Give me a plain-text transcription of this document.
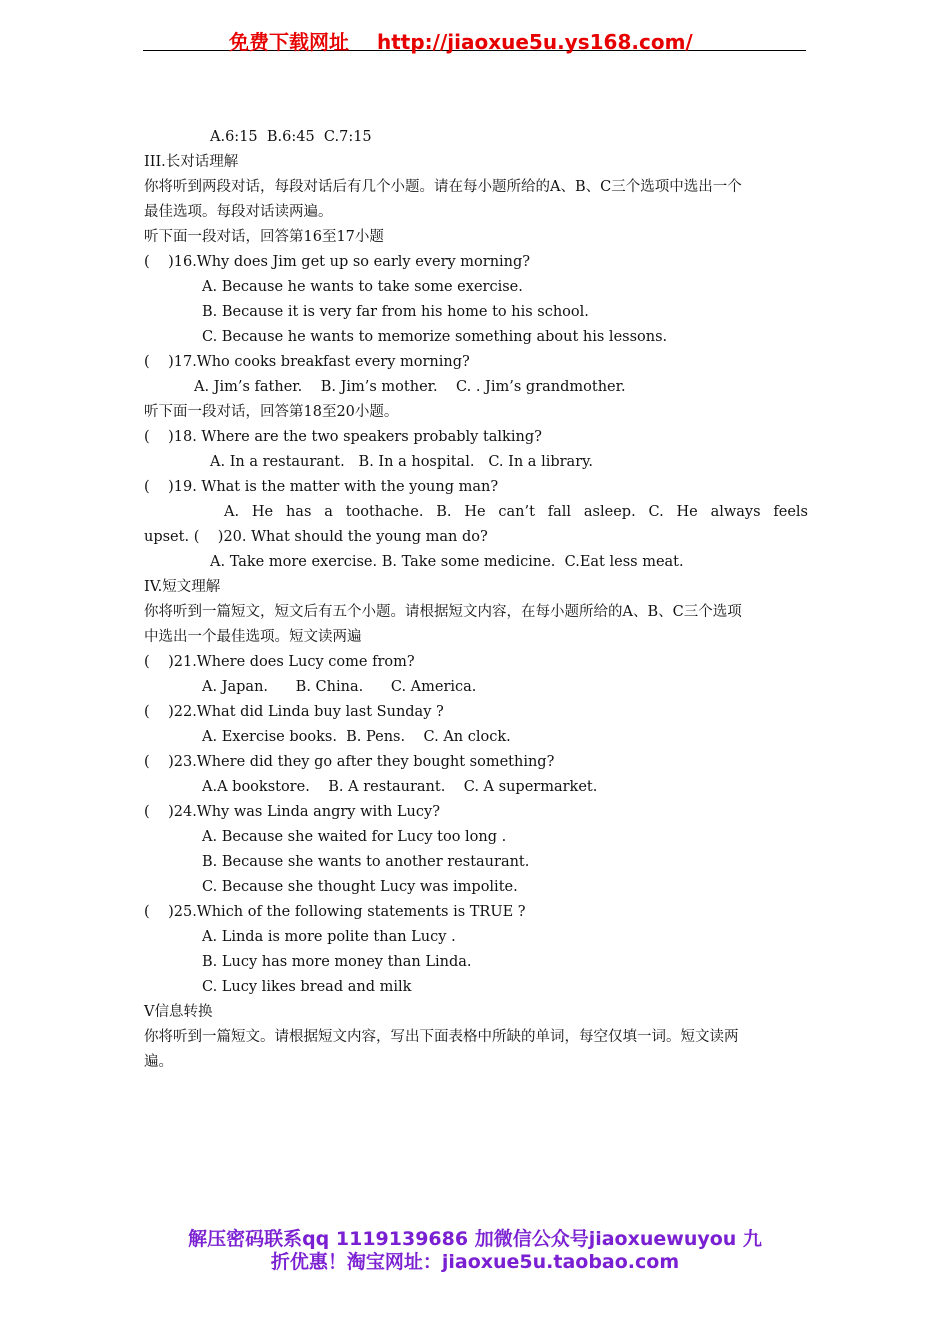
免费下载网址 http://jiaoxue5u.ys168.com/
A.6:15  B.6:45  C.7:15
III.长对话理解
你将听到两段对话，每段对话后有几个小题。请在每小题所给的A、B、C三个选项中选出一个
最佳选项。每段对话读两遍。
听下面一段对话，回答第16至17小题
(    )16.Why does Jim get up so early every morning?
A. Because he wants to take some exercise.
B. Because it is very far from his home to his school.
C. Because he wants to memorize something about his lessons.
(    )17.Who cooks breakfast every morning?
A. Jim’s father.    B. Jim’s mother.    C. . Jim’s grandmother.
听下面一段对话，回答第18至20小题。
(    )18. Where are the two speakers probably talking?
A. In a restaurant.   B. In a hospital.   C. In a library.
(    )19. What is the matter with the young man?
A. He has a toothache. B. He can’t fall asleep. C. He always feels
upset. (    )20. What should the young man do?
A. Take more exercise. B. Take some medicine.  C.Eat less meat.
IV.短文理解
你将听到一篇短文，短文后有五个小题。请根据短文内容，在每小题所给的A、B、C三个选项
中选出一个最佳选项。短文读两遍
(    )21.Where does Lucy come from?
A. Japan.      B. China.      C. America.
(    )22.What did Linda buy last Sunday ?
A. Exercise books.  B. Pens.    C. An clock.
(    )23.Where did they go after they bought something?
A.A bookstore.    B. A restaurant.    C. A supermarket.
(    )24.Why was Linda angry with Lucy?
A. Because she waited for Lucy too long .
B. Because she wants to another restaurant.
C. Because she thought Lucy was impolite.
(    )25.Which of the following statements is TRUE ?
A. Linda is more polite than Lucy .
B. Lucy has more money than Linda.
C. Lucy likes bread and milk
V信息转换
你将听到一篇短文。请根据短文内容，写出下面表格中所缺的单词，每空仅填一词。短文读两
遍。
解压密码联系qq 1119139686 加微信公众号jiaoxuewuyou 九
折优惠！淘宝网址：jiaoxue5u.taobao.com
